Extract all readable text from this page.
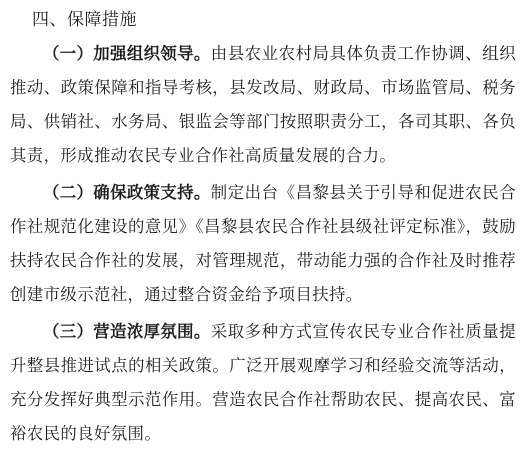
四、保障措施

（一）加强组织领导。由县农业农村局具体负责工作协调、组织推动、政策保障和指导考核，县发改局、财政局、市场监管局、税务局、供销社、水务局、银监会等部门按照职责分工，各司其职、各负其责，形成推动农民专业合作社高质量发展的合力。

（二）确保政策支持。制定出台《昌黎县关于引导和促进农民合作社规范化建设的意见》《昌黎县农民合作社县级社评定标准》，鼓励扶持农民合作社的发展，对管理规范，带动能力强的合作社及时推荐创建市级示范社，通过整合资金给予项目扶持。

（三）营造浓厚氛围。采取多种方式宣传农民专业合作社质量提升整县推进试点的相关政策。广泛开展观摩学习和经验交流等活动，充分发挥好典型示范作用。营造农民合作社帮助农民、提高农民、富裕农民的良好氛围。
